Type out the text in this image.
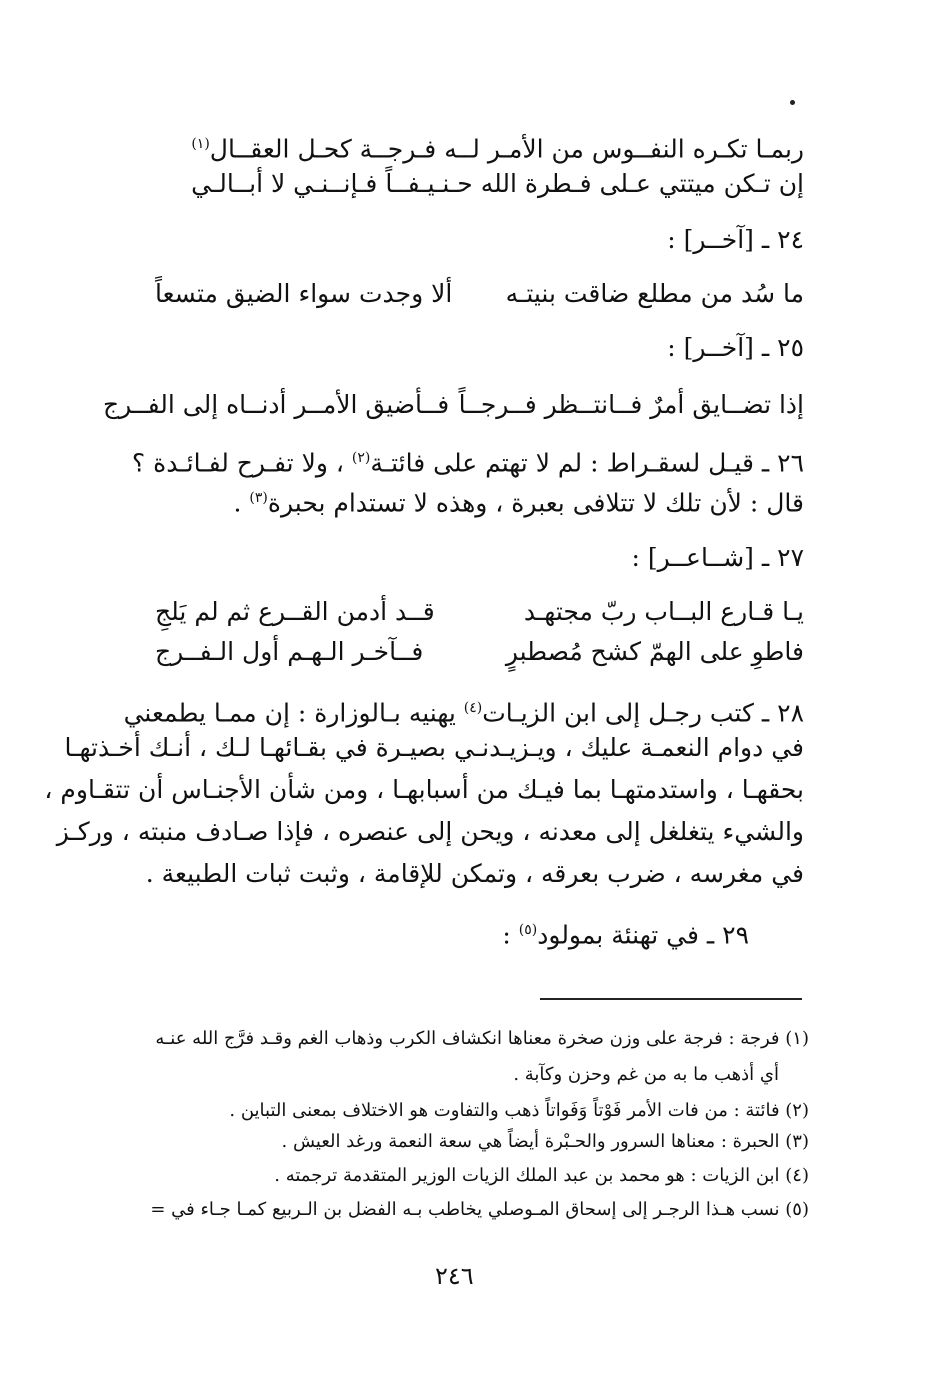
ربمـا تكـره النفــوس من الأمـر لــه فـرجــة كحـل العقــال$^{(١)}$
إن تـكن ميتتي عـلى فـطرة الله حـنـيـفــاً فـإنــنـي لا أبــالـي
٢٤ ـ [آخــر] :
ما سُد من مطلع ضاقت بنيتـه
ألا وجدت سواء الضيق متسعاً
٢٥ ـ [آخــر] :
إذا تضــايق أمرٌ فــانتــظر فــرجــاً
فــأضيق الأمــر أدنــاه إلى الفــرج
٢٦ ـ قيـل لسقـراط : لم لا تهتم على فائتـة$^{(٢)}$ ، ولا تفـرح لفـائـدة ؟
قال : لأن تلك لا تتلافى بعبرة ، وهذه لا تستدام بحبرة$^{(٣)}$ .
٢٧ ـ [شــاعــر] :
يـا قـارع البــاب ربّ مجتهـد
قــد أدمن القــرع ثم لم يَلجِ
فاطوِ على الهمّ كشح مُصطبرٍ
فــآخـر الـهـم أول الـفــرج
٢٨ ـ كتب رجـل إلى ابن الزيـات$^{(٤)}$ يهنيه بـالوزارة : إن ممـا يطمعني
في دوام النعمـة عليك ، ويـزيـدنـي بصيـرة في بقـائهـا لـك ، أنـك أخـذتهـا
بحقهـا ، واستدمتهـا بما فيـك من أسبابهـا ، ومن شأن الأجنـاس أن تتقـاوم ،
والشيء يتغلغل إلى معدنه ، ويحن إلى عنصره ، فإذا صـادف منبته ، وركـز
في مغرسه ، ضرب بعرقه ، وتمكن للإقامة ، وثبت ثبات الطبيعة .
٢٩ ـ في تهنئة بمولود$^{(٥)}$ :
(١) فرجة : فرجة على وزن صخرة معناها انكشاف الكرب وذهاب الغم وقـد فرَّج الله عنـه
أي أذهب ما به من غم وحزن وكآبة .
(٢) فائتة : من فات الأمر فَوْتاً وَفَواتاً ذهب والتفاوت هو الاختلاف بمعنى التباين .
(٣) الحبرة : معناها السرور والحـبْرة أيضاً هي سعة النعمة ورغد العيش .
(٤) ابن الزيات : هو محمد بن عبد الملك الزيات الوزير المتقدمة ترجمته .
(٥) نسب هـذا الرجـر إلى إسحاق المـوصلي يخاطب بـه الفضل بن الـربيع كمـا جـاء في =
٢٤٦
